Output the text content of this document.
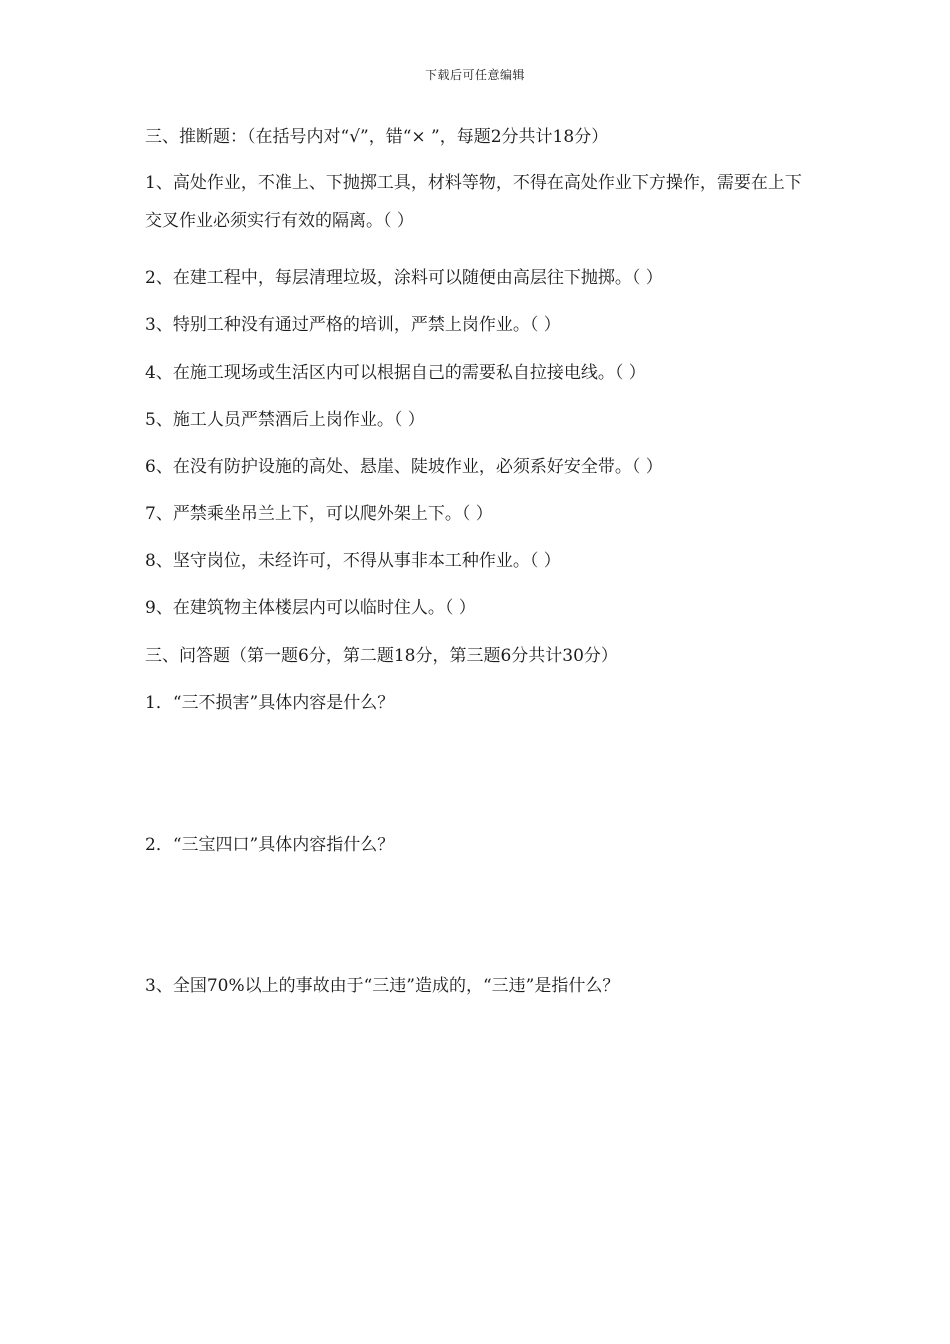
下载后可任意编辑
三、推断题：（在括号内对“√”，错“× ”，每题2分共计18分）
1、高处作业，不准上、下抛掷工具，材料等物，不得在高处作业下方操作，需要在上下交叉作业必须实行有效的隔离。（ ）
2、在建工程中，每层清理垃圾，涂料可以随便由高层往下抛掷。（ ）
3、特别工种没有通过严格的培训，严禁上岗作业。（ ）
4、在施工现场或生活区内可以根据自己的需要私自拉接电线。（ ）
5、施工人员严禁酒后上岗作业。（ ）
6、在没有防护设施的高处、悬崖、陡坡作业，必须系好安全带。（ ）
7、严禁乘坐吊兰上下，可以爬外架上下。（ ）
8、坚守岗位，未经许可，不得从事非本工种作业。（ ）
9、在建筑物主体楼层内可以临时住人。（ ）
三、问答题（第一题6分，第二题18分，第三题6分共计30分）
1．“三不损害”具体内容是什么？
2．“三宝四口”具体内容指什么？
3、全国70%以上的事故由于“三违”造成的，“三违”是指什么？
